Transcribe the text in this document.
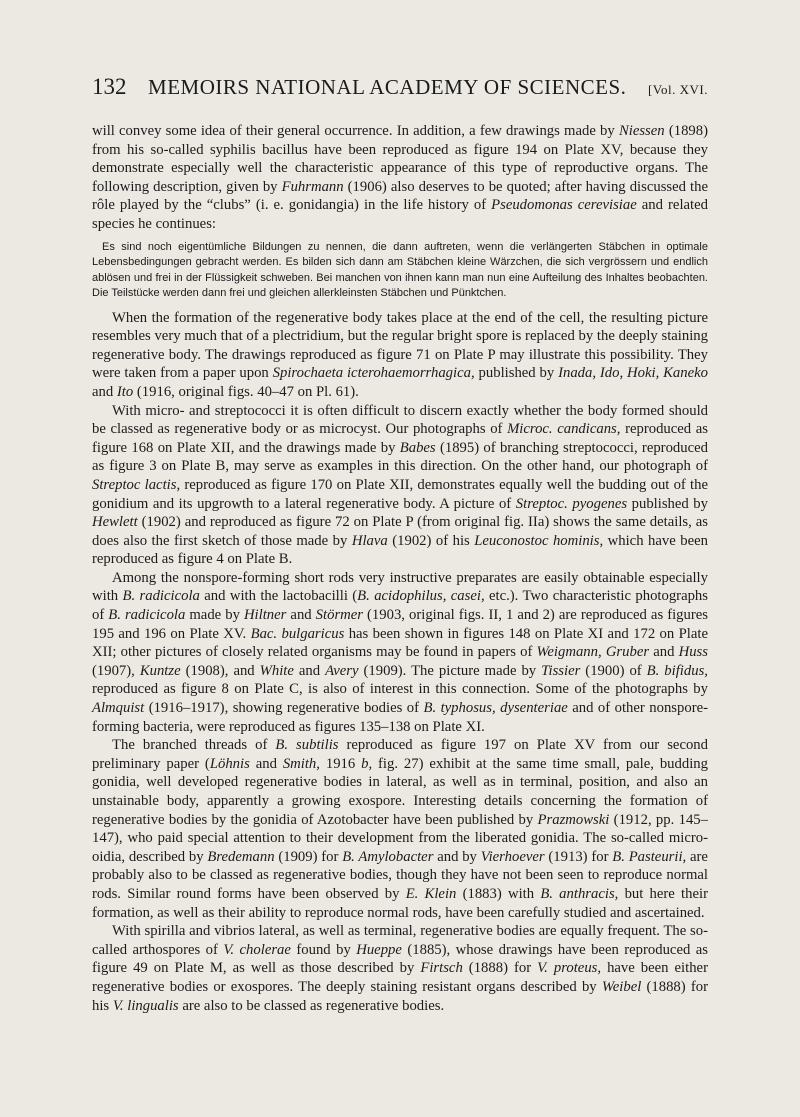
132 MEMOIRS NATIONAL ACADEMY OF SCIENCES. [Vol. XVI.

will convey some idea of their general occurrence. In addition, a few drawings made by Niessen (1898) from his so-called syphilis bacillus have been reproduced as figure 194 on Plate XV, because they demonstrate especially well the characteristic appearance of this type of reproductive organs. The following description, given by Fuhrmann (1906) also deserves to be quoted; after having discussed the rôle played by the “clubs” (i. e. gonidangia) in the life history of Pseudomonas cerevisiae and related species he continues:

Es sind noch eigentümliche Bildungen zu nennen, die dann auftreten, wenn die verlängerten Stäbchen in optimale Lebensbedingungen gebracht werden. Es bilden sich dann am Stäbchen kleine Wärzchen, die sich vergrössern und endlich ablösen und frei in der Flüssigkeit schweben. Bei manchen von ihnen kann man nun eine Aufteilung des Inhaltes beobachten. Die Teilstücke werden dann frei und gleichen allerkleinsten Stäbchen und Pünktchen.

When the formation of the regenerative body takes place at the end of the cell, the resulting picture resembles very much that of a plectridium, but the regular bright spore is replaced by the deeply staining regenerative body. The drawings reproduced as figure 71 on Plate P may illustrate this possibility. They were taken from a paper upon Spirochaeta icterohaemorrhagica, published by Inada, Ido, Hoki, Kaneko and Ito (1916, original figs. 40–47 on Pl. 61).

With micro- and streptococci it is often difficult to discern exactly whether the body formed should be classed as regenerative body or as microcyst. Our photographs of Microc. candicans, reproduced as figure 168 on Plate XII, and the drawings made by Babes (1895) of branching streptococci, reproduced as figure 3 on Plate B, may serve as examples in this direction. On the other hand, our photograph of Streptoc lactis, reproduced as figure 170 on Plate XII, demonstrates equally well the budding out of the gonidium and its upgrowth to a lateral regenerative body. A picture of Streptoc. pyogenes published by Hewlett (1902) and reproduced as figure 72 on Plate P (from original fig. IIa) shows the same details, as does also the first sketch of those made by Hlava (1902) of his Leuconostoc hominis, which have been reproduced as figure 4 on Plate B.

Among the nonspore-forming short rods very instructive preparates are easily obtainable especially with B. radicicola and with the lactobacilli (B. acidophilus, casei, etc.). Two characteristic photographs of B. radicicola made by Hiltner and Störmer (1903, original figs. II, 1 and 2) are reproduced as figures 195 and 196 on Plate XV. Bac. bulgaricus has been shown in figures 148 on Plate XI and 172 on Plate XII; other pictures of closely related organisms may be found in papers of Weigmann, Gruber and Huss (1907), Kuntze (1908), and White and Avery (1909). The picture made by Tissier (1900) of B. bifidus, reproduced as figure 8 on Plate C, is also of interest in this connection. Some of the photographs by Almquist (1916–1917), showing regenerative bodies of B. typhosus, dysenteriae and of other nonspore-forming bacteria, were reproduced as figures 135–138 on Plate XI.

The branched threads of B. subtilis reproduced as figure 197 on Plate XV from our second preliminary paper (Löhnis and Smith, 1916 b, fig. 27) exhibit at the same time small, pale, budding gonidia, well developed regenerative bodies in lateral, as well as in terminal, position, and also an unstainable body, apparently a growing exospore. Interesting details concerning the formation of regenerative bodies by the gonidia of Azotobacter have been published by Prazmowski (1912, pp. 145–147), who paid special attention to their development from the liberated gonidia. The so-called micro-oidia, described by Bredemann (1909) for B. Amylobacter and by Vierhoever (1913) for B. Pasteurii, are probably also to be classed as regenerative bodies, though they have not been seen to reproduce normal rods. Similar round forms have been observed by E. Klein (1883) with B. anthracis, but here their formation, as well as their ability to reproduce normal rods, have been carefully studied and ascertained.

With spirilla and vibrios lateral, as well as terminal, regenerative bodies are equally frequent. The so-called arthospores of V. cholerae found by Hueppe (1885), whose drawings have been reproduced as figure 49 on Plate M, as well as those described by Firtsch (1888) for V. proteus, have been either regenerative bodies or exospores. The deeply staining resistant organs described by Weibel (1888) for his V. lingualis are also to be classed as regenerative bodies.
